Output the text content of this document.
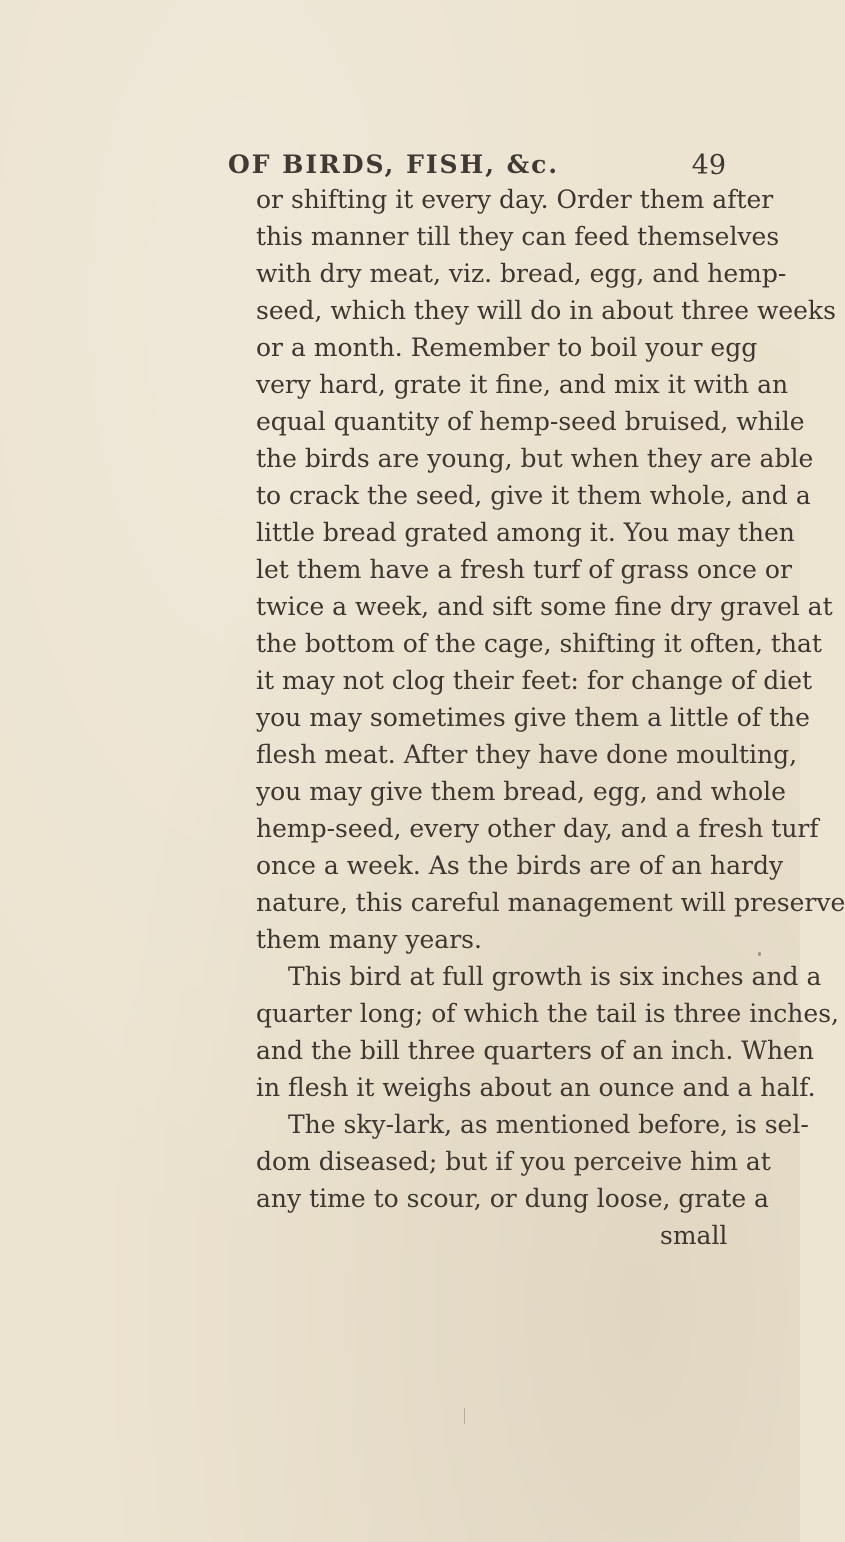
OF BIRDS, FISH, &c.	49
or shifting it every day. Order them after
this manner till they can feed themselves
with dry meat, viz. bread, egg, and hemp-
seed, which they will do in about three weeks
or a month. Remember to boil your egg
very hard, grate it fine, and mix it with an
equal quantity of hemp-seed bruised, while
the birds are young, but when they are able
to crack the seed, give it them whole, and a
little bread grated among it. You may then
let them have a fresh turf of grass once or
twice a week, and sift some fine dry gravel at
the bottom of the cage, shifting it often, that
it may not clog their feet: for change of diet
you may sometimes give them a little of the
flesh meat. After they have done moulting,
you may give them bread, egg, and whole
hemp-seed, every other day, and a fresh turf
once a week. As the birds are of an hardy
nature, this careful management will preserve
them many years.
This bird at full growth is six inches and a
quarter long; of which the tail is three inches,
and the bill three quarters of an inch. When
in flesh it weighs about an ounce and a half.
The sky-lark, as mentioned before, is sel-
dom diseased; but if you perceive him at
any time to scour, or dung loose, grate a
small
